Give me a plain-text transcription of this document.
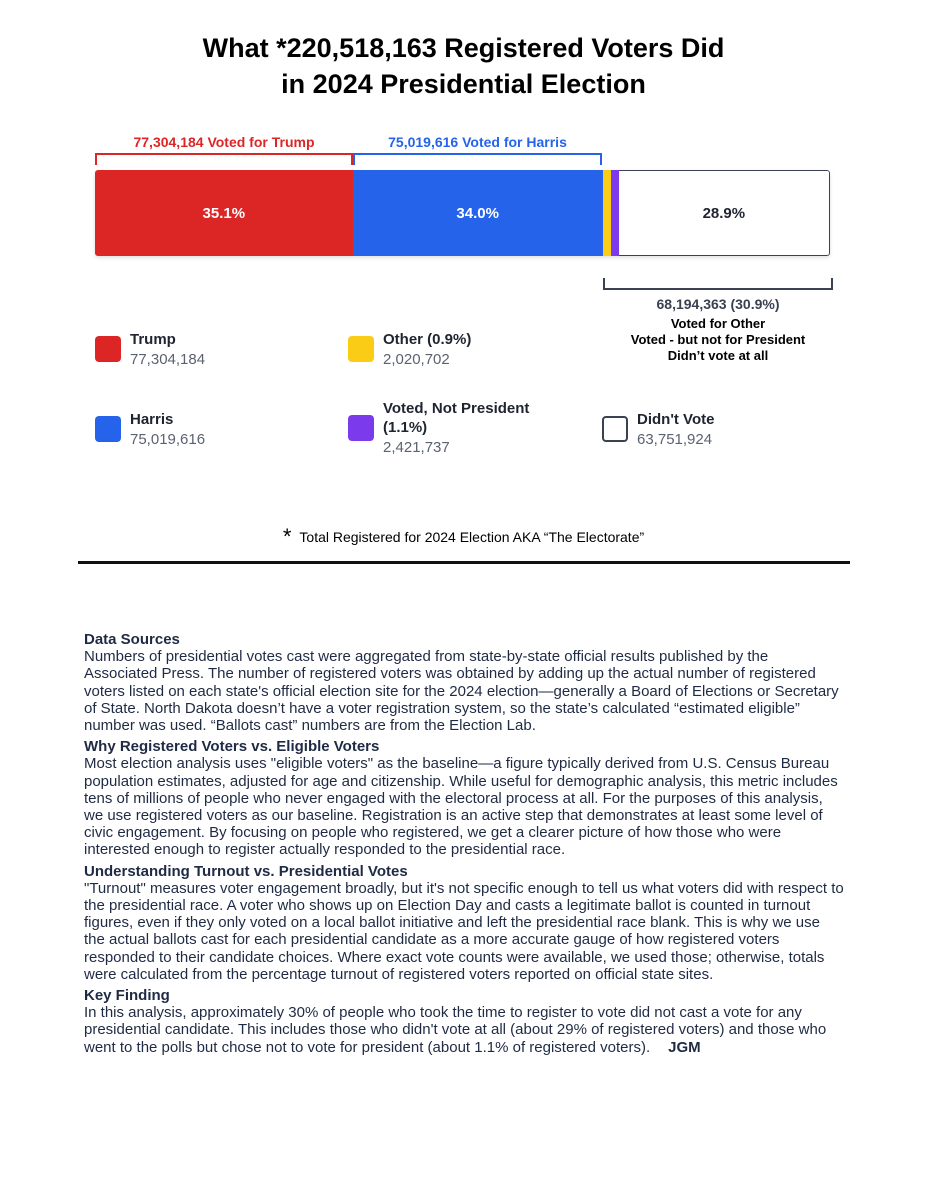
What *220,518,163 Registered Voters Did
in 2024 Presidential Election
77,304,184 Voted for Trump	75,019,616 Voted for Harris
35.1%	34.0%	28.9%
68,194,363 (30.9%)
Voted for Other
Voted - but not for President
Didn’t vote at all
Trump
77,304,184
Other (0.9%)
2,020,702
Harris
75,019,616
Voted, Not President (1.1%)
2,421,737
Didn't Vote
63,751,924
* Total Registered for 2024 Election AKA “The Electorate”
Data Sources

Numbers of presidential votes cast were aggregated from state-by-state official results published by the Associated Press. The number of registered voters was obtained by adding up the actual number of registered voters listed on each state's official election site for the 2024 election—generally a Board of Elections or Secretary of State. North Dakota doesn’t have a voter registration system, so the state’s calculated “estimated eligible” number was used. “Ballots cast” numbers are from the Election Lab.

Why Registered Voters vs. Eligible Voters

Most election analysis uses "eligible voters" as the baseline—a figure typically derived from U.S. Census Bureau population estimates, adjusted for age and citizenship. While useful for demographic analysis, this metric includes tens of millions of people who never engaged with the electoral process at all. For the purposes of this analysis, we use registered voters as our baseline. Registration is an active step that demonstrates at least some level of civic engagement. By focusing on people who registered, we get a clearer picture of how those who were interested enough to register actually responded to the presidential race.

Understanding Turnout vs. Presidential Votes

"Turnout" measures voter engagement broadly, but it's not specific enough to tell us what voters did with respect to the presidential race. A voter who shows up on Election Day and casts a legitimate ballot is counted in turnout figures, even if they only voted on a local ballot initiative and left the presidential race blank. This is why we use the actual ballots cast for each presidential candidate as a more accurate gauge of how registered voters responded to their candidate choices. Where exact vote counts were available, we used those; otherwise, totals were calculated from the percentage turnout of registered voters reported on official state sites.

Key Finding

In this analysis, approximately 30% of people who took the time to register to vote did not cast a vote for any presidential candidate. This includes those who didn't vote at all (about 29% of registered voters) and those who went to the polls but chose not to vote for president (about 1.1% of registered voters). JGM
